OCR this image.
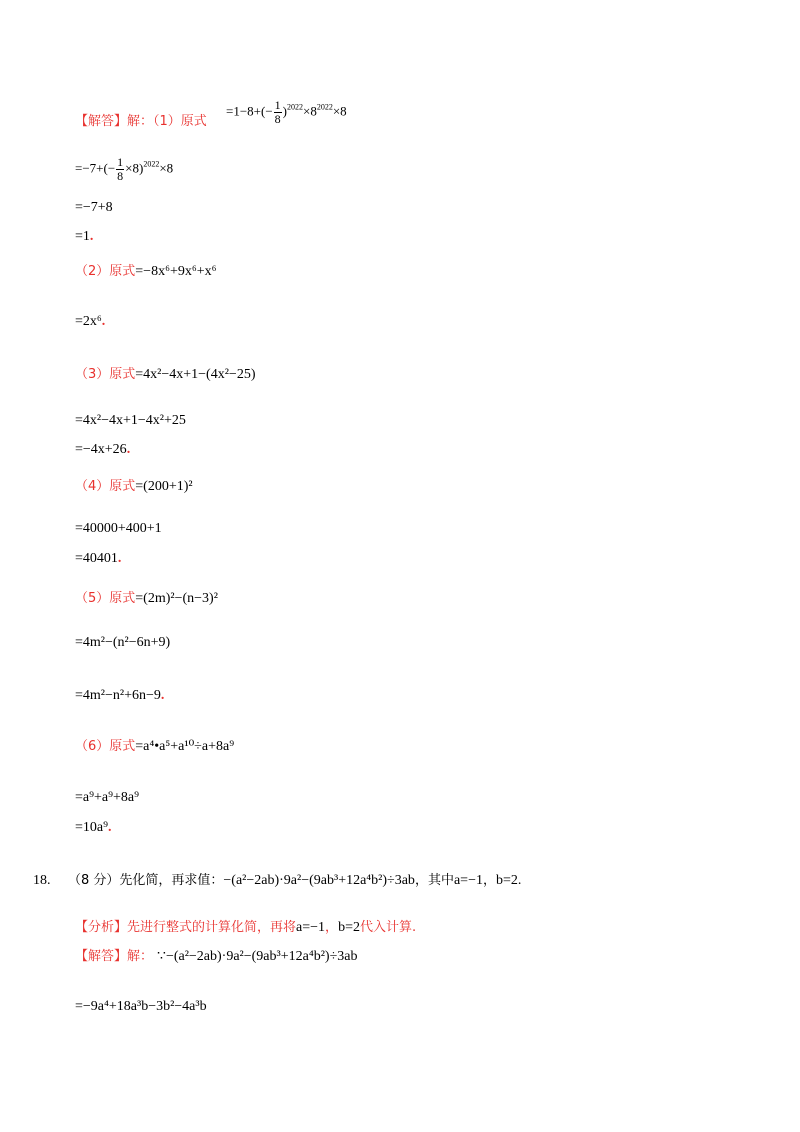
【解答】解：（1）原式
$=1-8+(- \frac{1}{8} )^{2022}\times 8^{2022}\times 8$
$=-7+(- \frac{1}{8} \times 8)^{2022}\times 8$
=−7+8
=1.
（2）原式=−8x⁶+9x⁶+x⁶
=2x⁶.
（3）原式=4x²−4x+1−(4x²−25)
=4x²−4x+1−4x²+25
=−4x+26.
（4）原式=(200+1)²
=40000+400+1
=40401.
（5）原式=(2m)²−(n−3)²
=4m²−(n²−6n+9)
=4m²−n²+6n−9.
（6）原式=a⁴•a⁵+a¹⁰÷a+8a⁹
=a⁹+a⁹+8a⁹
=10a⁹.
18. （8 分）先化简，再求值：−(a²−2ab)·9a²−(9ab³+12a⁴b²)÷3ab，其中a=−1，b=2.
【分析】先进行整式的计算化简，再将a=−1，b=2代入计算.
【解答】解： ∵−(a²−2ab)·9a²−(9ab³+12a⁴b²)÷3ab
=−9a⁴+18a³b−3b²−4a³b
